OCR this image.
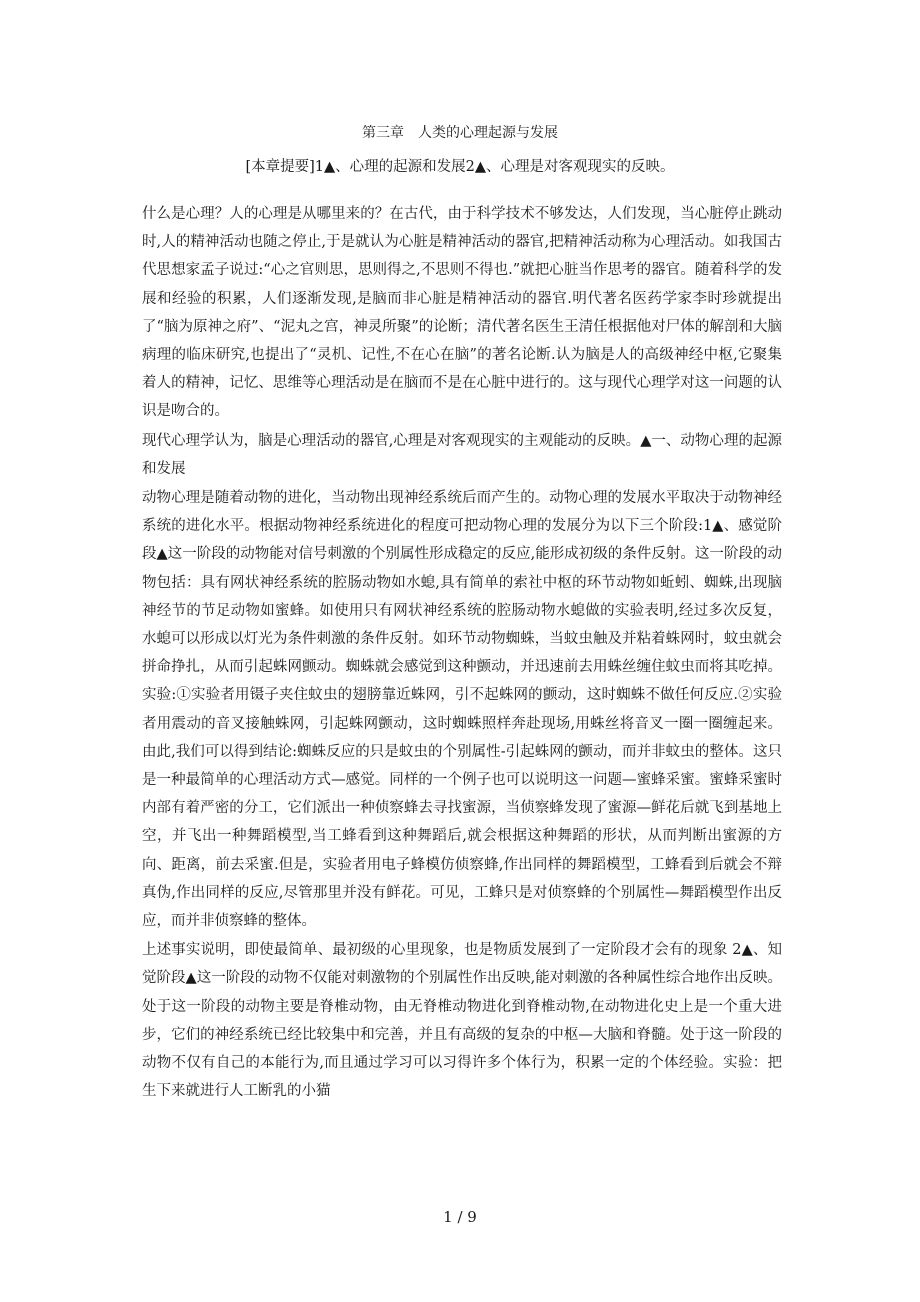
第三章　人类的心理起源与发展
[本章提要]1▲、心理的起源和发展2▲、心理是对客观现实的反映。

什么是心理？人的心理是从哪里来的？在古代，由于科学技术不够发达，人们发现，当心脏停止跳动时,人的精神活动也随之停止,于是就认为心脏是精神活动的器官,把精神活动称为心理活动。如我国古代思想家孟子说过:“心之官则思，思则得之,不思则不得也.”就把心脏当作思考的器官。随着科学的发展和经验的积累，人们逐渐发现,是脑而非心脏是精神活动的器官.明代著名医药学家李时珍就提出了“脑为原神之府”、“泥丸之宫，神灵所聚”的论断；清代著名医生王清任根据他对尸体的解剖和大脑病理的临床研究,也提出了“灵机、记性,不在心在脑”的著名论断.认为脑是人的高级神经中枢,它聚集着人的精神，记忆、思维等心理活动是在脑而不是在心脏中进行的。这与现代心理学对这一问题的认识是吻合的。

现代心理学认为，脑是心理活动的器官,心理是对客观现实的主观能动的反映。▲一、动物心理的起源和发展

动物心理是随着动物的进化，当动物出现神经系统后而产生的。动物心理的发展水平取决于动物神经系统的进化水平。根据动物神经系统进化的程度可把动物心理的发展分为以下三个阶段:1▲、感觉阶段▲这一阶段的动物能对信号刺激的个别属性形成稳定的反应,能形成初级的条件反射。这一阶段的动物包括：具有网状神经系统的腔肠动物如水螅,具有简单的索社中枢的环节动物如蚯蚓、蜘蛛,出现脑神经节的节足动物如蜜蜂。如使用只有网状神经系统的腔肠动物水螅做的实验表明,经过多次反复，水螅可以形成以灯光为条件刺激的条件反射。如环节动物蜘蛛，当蚊虫触及并粘着蛛网时，蚊虫就会拼命挣扎，从而引起蛛网颤动。蜘蛛就会感觉到这种颤动，并迅速前去用蛛丝缠住蚊虫而将其吃掉。实验:①实验者用镊子夹住蚊虫的翅膀靠近蛛网，引不起蛛网的颤动，这时蜘蛛不做任何反应.②实验者用震动的音叉接触蛛网，引起蛛网颤动，这时蜘蛛照样奔赴现场,用蛛丝将音叉一圈一圈缠起来。由此,我们可以得到结论:蜘蛛反应的只是蚊虫的个别属性-引起蛛网的颤动，而并非蚊虫的整体。这只是一种最简单的心理活动方式—感觉。同样的一个例子也可以说明这一问题—蜜蜂采蜜。蜜蜂采蜜时内部有着严密的分工，它们派出一种侦察蜂去寻找蜜源，当侦察蜂发现了蜜源—鲜花后就飞到基地上空，并飞出一种舞蹈模型,当工蜂看到这种舞蹈后,就会根据这种舞蹈的形状，从而判断出蜜源的方向、距离，前去采蜜.但是，实验者用电子蜂模仿侦察蜂,作出同样的舞蹈模型，工蜂看到后就会不辩真伪,作出同样的反应,尽管那里并没有鲜花。可见，工蜂只是对侦察蜂的个别属性—舞蹈模型作出反应，而并非侦察蜂的整体。

上述事实说明，即使最简单、最初级的心里现象，也是物质发展到了一定阶段才会有的现象 2▲、知觉阶段▲这一阶段的动物不仅能对刺激物的个别属性作出反映,能对刺激的各种属性综合地作出反映。处于这一阶段的动物主要是脊椎动物，由无脊椎动物进化到脊椎动物,在动物进化史上是一个重大进步，它们的神经系统已经比较集中和完善，并且有高级的复杂的中枢—大脑和脊髓。处于这一阶段的动物不仅有自己的本能行为,而且通过学习可以习得许多个体行为，积累一定的个体经验。实验：把生下来就进行人工断乳的小猫

1 / 9
